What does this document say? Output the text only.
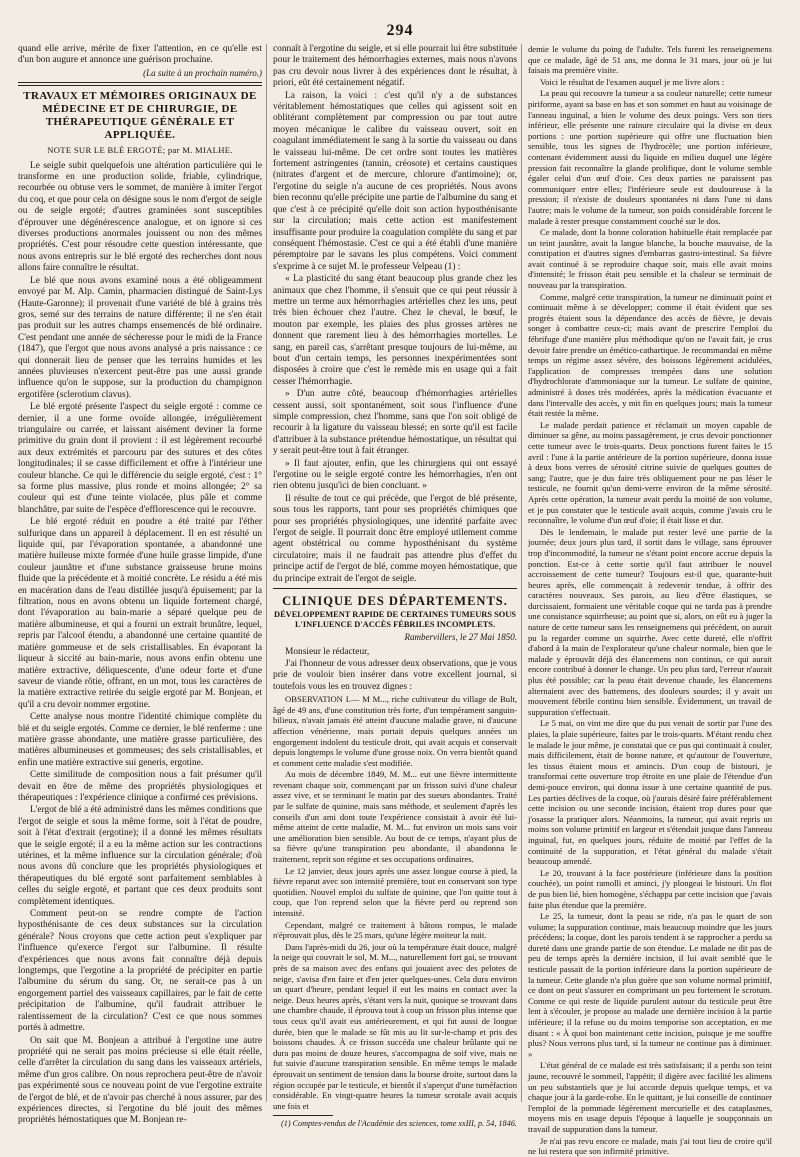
294

quand elle arrive, mérite de fixer l'attention, en ce qu'elle est d'un bon augure et annonce une guérison prochaine.

(La suite à un prochain numéro.)
TRAVAUX ET MÉMOIRES ORIGINAUX DE MÉDECINE ET DE CHIRURGIE, DE THÉRAPEUTIQUE GÉNÉRALE ET APPLIQUÉE.
NOTE SUR LE BLÉ ERGOTÉ; par M. MIALHE.

Le seigle subit quelquefois une altération particulière qui le transforme en une production solide, friable, cylindrique, recourbée ou obtuse vers le sommet, de manière à imiter l'ergot du coq, et que pour cela on désigne sous le nom d'ergot de seigle ou de seigle ergoté; d'autres graminées sont susceptibles d'éprouver une dégénérescence analogue, et on ignore si ces diverses productions anormales jouissent ou non des mêmes propriétés. C'est pour résoudre cette question intéressante, que nous avons entrepris sur le blé ergoté des recherches dont nous allons faire connaître le résultat.

Le blé que nous avons examiné nous a été obligeamment envoyé par M. Alp. Camin, pharmacien distingué de Saint-Lys (Haute-Garonne); il provenait d'une variété de blé à grains très gros, semé sur des terrains de nature différente; il ne s'en était pas produit sur les autres champs ensemencés de blé ordinaire. C'est pendant une année de sécheresse pour le midi de la France (1847), que l'ergot que nous avons analysé a pris naissance : ce qui donnerait lieu de penser que les terrains humides et les années pluvieuses n'exercent peut-être pas une aussi grande influence qu'on le suppose, sur la production du champignon ergotifère (sclerotium clavus).

Le blé ergoté présente l'aspect du seigle ergoté : comme ce dernier, il a une forme ovoïde allongée, irrégulièrement triangulaire ou carrée, et laissant aisément deviner la forme primitive du grain dont il provient : il est légèrement recourbé aux deux extrémités et parcouru par des sutures et des côtes longitudinales; il se casse difficilement et offre à l'intérieur une couleur blanche. Ce qui le différencie du seigle ergoté, c'est : 1° sa forme plus massive, plus ronde et moins allongée; 2° sa couleur qui est d'une teinte violacée, plus pâle et comme blanchâtre, par suite de l'espèce d'efflorescence qui le recouvre.

Le blé ergoté réduit en poudre a été traité par l'éther sulfurique dans un appareil à déplacement. Il en est résulté un liquide qui, par l'évaporation spontanée, a abandonné une matière huileuse mixte formée d'une huile grasse limpide, d'une couleur jaunâtre et d'une substance graisseuse brune moins fluide que la précédente et à moitié concrète. Le résidu a été mis en macération dans de l'eau distillée jusqu'à épuisement; par la filtration, nous en avons obtenu un liquide fortement chargé, dont l'évaporation au bain-marie a séparé quelque peu de matière albumineuse, et qui a fourni un extrait brunâtre, lequel, repris par l'alcool étendu, a abandonné une certaine quantité de matière gommeuse et de sels cristallisables. En évaporant la liqueur à siccité au bain-marie, nous avons enfin obtenu une matière extractive, déliquescente, d'une odeur forte et d'une saveur de viande rôtie, offrant, en un mot, tous les caractères de la matière extractive retirée du seigle ergoté par M. Bonjean, et qu'il a cru devoir nommer ergotine.

Cette analyse nous montre l'identité chimique complète du blé et du seigle ergotés. Comme ce dernier, le blé renferme : une matière grasse abondante, une matière grasse particulière, des matières albumineuses et gommeuses; des sels cristallisables, et enfin une matière extractive sui generis, ergotine.

Cette similitude de composition nous a fait présumer qu'il devait en être de même des propriétés physiologiques et thérapeutiques : l'expérience clinique a confirmé ces prévisions.

L'ergot de blé a été administré dans les mêmes conditions que l'ergot de seigle et sous la même forme, soit à l'état de poudre, soit à l'état d'extrait (ergotine); il a donné les mêmes résultats que le seigle ergoté; il a eu la même action sur les contractions utérines, et la même influence sur la circulation générale; d'où nous avons dû conclure que les propriétés physiologiques et thérapeutiques du blé ergoté sont parfaitement semblables à celles du seigle ergoté, et partant que ces deux produits sont complètement identiques.

Comment peut-on se rendre compte de l'action hyposthénisante de ces deux substances sur la circulation générale? Nous croyons que cette action peut s'expliquer par l'influence qu'exerce l'ergot sur l'albumine. Il résulte d'expériences que nous avons fait connaître déjà depuis longtemps, que l'ergotine a la propriété de précipiter en partie l'albumine du sérum du sang. Or, ne serait-ce pas à un engorgement partiel des vaisseaux capillaires, par le fait de cette précipitation de l'albumine, qu'il faudrait attribuer le ralentissement de la circulation? C'est ce que nous sommes portés à admettre.

On sait que M. Bonjean a attribué à l'ergotine une autre propriété qui ne serait pas moins précieuse si elle était réelle, celle d'arrêter la circulation du sang dans les vaisseaux artériels, même d'un gros calibre. On nous reprochera peut-être de n'avoir pas expérimenté sous ce nouveau point de vue l'ergotine extraite de l'ergot de blé, et de n'avoir pas cherché à nous assurer, par des expériences directes, si l'ergotine du blé jouit des mêmes propriétés hémostatiques que M. Bonjean re-

connaît à l'ergotine du seigle, et si elle pourrait lui être substituée pour le traitement des hémorrhagies externes, mais nous n'avons pas cru devoir nous livrer à des expériences dont le résultat, à priori, eût été certainement négatif.

La raison, la voici : c'est qu'il n'y a de substances véritablement hémostatiques que celles qui agissent soit en oblitérant complètement par compression ou par tout autre moyen mécanique le calibre du vaisseau ouvert, soit en coagulant immédiatement le sang à la sortie du vaisseau ou dans le vaisseau lui-même. De cet ordre sont toutes les matières fortement astringentes (tannin, créosote) et certains caustiques (nitrates d'argent et de mercure, chlorure d'antimoine); or, l'ergotine du seigle n'a aucune de ces propriétés. Nous avons bien reconnu qu'elle précipite une partie de l'albumine du sang et que c'est à ce précipité qu'elle doit son action hyposthénisante sur la circulation; mais cette action est manifestement insuffisante pour produire la coagulation complète du sang et par conséquent l'hémostasie. C'est ce qui a été établi d'une manière péremptoire par le savans les plus compétens. Voici comment s'exprime à ce sujet M. le professeur Velpeau (1) :

« La plasticité du sang étant beaucoup plus grande chez les animaux que chez l'homme, il s'ensuit que ce qui peut réussir à mettre un terme aux hémorrhagies artérielles chez les uns, peut très bien échouer chez l'autre. Chez le cheval, le bœuf, le mouton par exemple, les plaies des plus grosses artères ne donnent que rarement lieu à des hémorrhagies mortelles. Le sang, en pareil cas, s'arrêtant presque toujours de lui-même, au bout d'un certain temps, les personnes inexpérimentées sont disposées à croire que c'est le remède mis en usage qui a fait cesser l'hémorrhagie.

» D'un autre côté, beaucoup d'hémorrhagies artérielles cessent aussi, soit spontanément, soit sous l'influence d'une simple compression, chez l'homme, sans que l'on soit obligé de recourir à la ligature du vaisseau blessé; en sorte qu'il est facile d'attribuer à la substance prétendue hémostatique, un résultat qui y serait peut-être tout à fait étranger.

» Il faut ajouter, enfin, que les chirurgiens qui ont essayé l'ergotine ou le seigle ergoté contre les hémorrhagies, n'en ont rien obtenu jusqu'ici de bien concluant. »

Il résulte de tout ce qui précède, que l'ergot de blé présente, sous tous les rapports, tant pour ses propriétés chimiques que pour ses propriétés physiologiques, une identité parfaite avec l'ergot de seigle. Il pourrait donc être employé utilement comme agent obstétrical ou comme hyposthénisant du système circulatoire; mais il ne faudrait pas attendre plus d'effet du principe actif de l'ergot de blé, comme moyen hémostatique, que du principe extrait de l'ergot de seigle.

CLINIQUE DES DÉPARTEMENTS.
DÉVELOPPEMENT RAPIDE DE CERTAINES TUMEURS SOUS L'INFLUENCE D'ACCÈS FÉBRILES INCOMPLETS.
Rambervillers, le 27 Mai 1850.

Monsieur le rédacteur,

J'ai l'honneur de vous adresser deux observations, que je vous prie de vouloir bien insérer dans votre excellent journal, si toutefois vous les en trouvez dignes :

OBSERVATION I.— M M..., riche cultivateur du village de Bult, âgé de 49 ans, d'une constitution très forte, d'un tempérament sanguin-bilieux, n'avait jamais été atteint d'aucune maladie grave, ni d'aucune affection vénérienne, mais portait depuis quelques années un engorgement indolent du testicule droit, qui avait acquis et conservait depuis longtemps le volume d'une grosse noix. On verra bientôt quand et comment cette maladie s'est modifiée.

Au mois de décembre 1849, M. M... eut une fièvre intermittente revenant chaque soir, commençant par un frisson suivi d'une chaleur assez vive, et se terminant le matin par des sueurs abondantes. Traité par le sulfate de quinine, mais sans méthode, et seulement d'après les conseils d'un ami dont toute l'expérience consistait à avoir été lui-même atteint de cette maladie, M. M... fut environ un mois sans voir une amélioration bien sensible. Au bout de ce temps, n'ayant plus de sa fièvre qu'une transpiration peu abondante, il abandonna le traitement, reprit son régime et ses occupations ordinaires.

Le 12 janvier, deux jours après une assez longue course à pied, la fièvre reparut avec son intensité première, tout en conservant son type quotidien. Nouvel emploi du sulfate de quinine, que l'on quitte tout à coup, que l'on reprend selon que la fièvre perd ou reprend son intensité.

Cependant, malgré ce traitement à bâtons rompus, le malade n'éprouvait plus, dès le 25 mars, qu'une légère moiteur la nuit.

Dans l'après-midi du 26, jour où la température était douce, malgré la neige qui couvrait le sol, M. M..., naturellement fort gai, se trouvant près de sa maison avec des enfans qui jouaient avec des pelotes de neige, s'avisa d'en faire et d'en jeter quelques-unes. Cela dura environ un quart d'heure, pendant lequel il eut les mains en contact avec la neige. Deux heures après, s'étant vers la nuit, quoique se trouvant dans une chambre chaude, il éprouva tout à coup un frisson plus intense que tous ceux qu'il avait eus antérieurement, et qui fut aussi de longue durée, bien que le malade se fût mis au lit sur-le-champ et pris des boissons chaudes. À ce frisson succéda une chaleur brûlante qui ne dura pas moins de douze heures, s'accompagna de soif vive, mais ne fut suivie d'aucune transpiration sensible. En même temps le malade éprouvait un sentiment de tension dans la bourse droite, surtout dans la région occupée par le testicule, et bientôt il s'aperçut d'une tuméfaction considérable. En vingt-quatre heures la tumeur scrotale avait acquis une fois et

(1) Comptes-rendus de l'Académie des sciences, tome xxIII, p. 54, 1846.

demie le volume du poing de l'adulte. Tels furent les renseignemens que ce malade, âgé de 51 ans, me donna le 31 mars, jour où je lui faisais ma première visite.

Voici le résultat de l'examen auquel je me livre alors :

La peau qui recouvre la tumeur a sa couleur naturelle; cette tumeur piriforme, ayant sa base en bas et son sommet en haut au voisinage de l'anneau inguinal, a bien le volume des deux poings. Vers son tiers inférieur, elle présente une rainure circulaire qui la divise en deux portions : une portion supérieure qui offre une fluctuation bien sensible, tous les signes de l'hydrocèle; une portion inférieure, contenant évidemment aussi du liquide en milieu duquel une légère pression fait reconnaître la glande prolifique, dont le volume semble égaler celui d'un œuf d'oie. Ces deux parties ne paraissent pas communiquer entre elles; l'inférieure seule est douloureuse à la pression; il n'existe de douleurs spontanées ni dans l'une ni dans l'autre; mais le volume de la tumeur, son poids considérable forcent le malade à rester presque constamment couché sur le dos.

Ce malade, dont la bonne coloration habituelle était remplacée par un teint jaunâtre, avait la langue blanche, la bouche mauvaise, de la constipation et d'autres signes d'embarras gastro-intestinal. Sa fièvre avait continué à se reproduire chaque soir, mais elle avait moins d'intensité; le frisson était peu sensible et la chaleur se terminait de nouveau par la transpiration.

Comme, malgré cette transpiration, la tumeur ne diminuait point et continuait même à se développer; comme il était évident que ses progrès étaient sous la dépendance des accès de fièvre, je devais songer à combattre ceux-ci; mais avant de prescrire l'emploi du fébrifuge d'une manière plus méthodique qu'on ne l'avait fait, je crus devoir faire prendre un émético-cathartique. Je recommandai en même temps un régime assez sévère, des boissons légèrement acidulées, l'application de compresses trempées dans une solution d'hydrochlorate d'ammoniaque sur la tumeur. Le sulfate de quinine, administré à doses très modérées, après la médication évacuante et dans l'intervalle des accès, y mit fin en quelques jours; mais la tumeur était restée la même.

Le malade perdait patience et réclamait un moyen capable de diminuer sa gêne, au moins passagèrement, je crus devoir ponctionner cette tumeur avec le trois-quarts. Deux ponctions furent faites le 15 avril : l'une à la partie antérieure de la portion supérieure, donna issue à deux bons verres de sérosité citrine suivie de quelques gouttes de sang; l'autre, que je dus faire très obliquement pour ne pas léser le testicule, ne fournit qu'un demi-verre environ de la même sérosité. Après cette opération, la tumeur avait perdu la moitié de son volume, et je pus constater que le testicule avait acquis, comme j'avais cru le reconnaître, le volume d'un œuf d'oie; il était lisse et dur.

Dès le lendemain, le malade put rester levé une partie de la journée; deux jours plus tard, il sortit dans le village, sans éprouver trop d'incommodité, la tumeur ne s'étant point encore accrue depuis la ponction. Est-ce à cette sortie qu'il faut attribuer le nouvel accroissement de cette tumeur? Toujours est-il que, quarante-huit heures après, elle commençait à redevenir tendue, à offrir des caractères nouveaux. Ses parois, au lieu d'être élastiques, se durcissaient, formaient une véritable coque qui ne tarda pas à prendre une consistance squirrheuse; au point que si, alors, on eût eu à juger la nature de cette tumeur sans les renseignemens qui précèdent, on aurait pu la regarder comme un squirrhe. Avec cette dureté, elle n'offrit d'abord à la main de l'explorateur qu'une chaleur normale, bien que le malade y éprouvât déjà des élancemens non continus, ce qui aurait encore contribué à donner le change. Un peu plus tard, l'erreur n'aurait plus été possible; car la peau était devenue chaude, les élancemens alternaient avec des battemens, des douleurs sourdes; il y avait un mouvement fébrile continu bien sensible. Évidemment, un travail de suppuration s'effectuait.

Le 5 mai, on vint me dire que du pus venait de sortir par l'une des plaies, la plaie supérieure, faites par le trois-quarts. M'étant rendu chez le malade le jour même, je constatai que ce pus qui continuait à couler, mais difficilement, était de bonne nature, et qu'autour de l'ouverture, les tissus étaient mous et amincis. D'un coup de bistouri, je transformai cette ouverture trop étroite en une plaie de l'étendue d'un demi-pouce environ, qui donna issue à une certaine quantité de pus. Les parties déclives de la coque, où j'aurais désiré faire préférablement cette incision ou une seconde incision, étaient trop dures pour que j'osasse la pratiquer alors. Néanmoins, la tumeur, qui avait repris un moins son volume primitif en largeur et s'étendait jusque dans l'anneau inguinal, fut, en quelques jours, réduite de moitié par l'effet de la continuité de la suppuration, et l'état général du malade s'était beaucoup amendé.

Le 20, trouvant à la face postérieure (inférieure dans la position couchée), un point ramolli et aminci, j'y plongeai le bistouri. Un flot de pus bien lié, bien homogène, s'échappa par cette incision que j'avais faite plus étendue que la première.

Le 25, la tumeur, dont la peau se ride, n'a pas le quart de son volume; la suppuration continue, mais beaucoup moindre que les jours précédens; la coque, dont les parois tendent à se rapprocher a perdu sa dureté dans une grande partie de son étendue. Le malade ne dit pas de peu de temps après la dernière incision, il lui avait semblé que le testicule passait de la portion inférieure dans la portion supérieure de la tumeur. Cette glande n'a plus guère que son volume normal primitif, ce dont on peut s'assurer en comprimant un peu fortement le scrotum. Comme ce qui reste de liquide purulent autour du testicule peut être lent à s'écouler, je propose au malade une dernière incision à la partie inférieure; il la refuse ou du moins temporise son acceptation, en me disant : « À quoi bon maintenant cette incision, puisque je me souffre plus? Nous verrons plus tard, si la tumeur ne continue pas à diminuer. »

L'état général de ce malade est très satisfaisant; il a perdu son teint jaune, recouvré le sommeil, l'appétit; il digère avec facilité les alimens un peu substantiels que je lui accorde depuis quelque temps, et va chaque jour à la garde-robe. En le quittant, je lui conseille de continuer l'emploi de la pommade légèrement mercurielle et des cataplasmes, moyens mis en usage depuis l'époque à laquelle je soupçonnais un travail de suppuration dans la tumeur.

Je n'ai pas revu encore ce malade, mais j'ai tout lieu de croire qu'il ne lui restera que son infirmité primitive.
